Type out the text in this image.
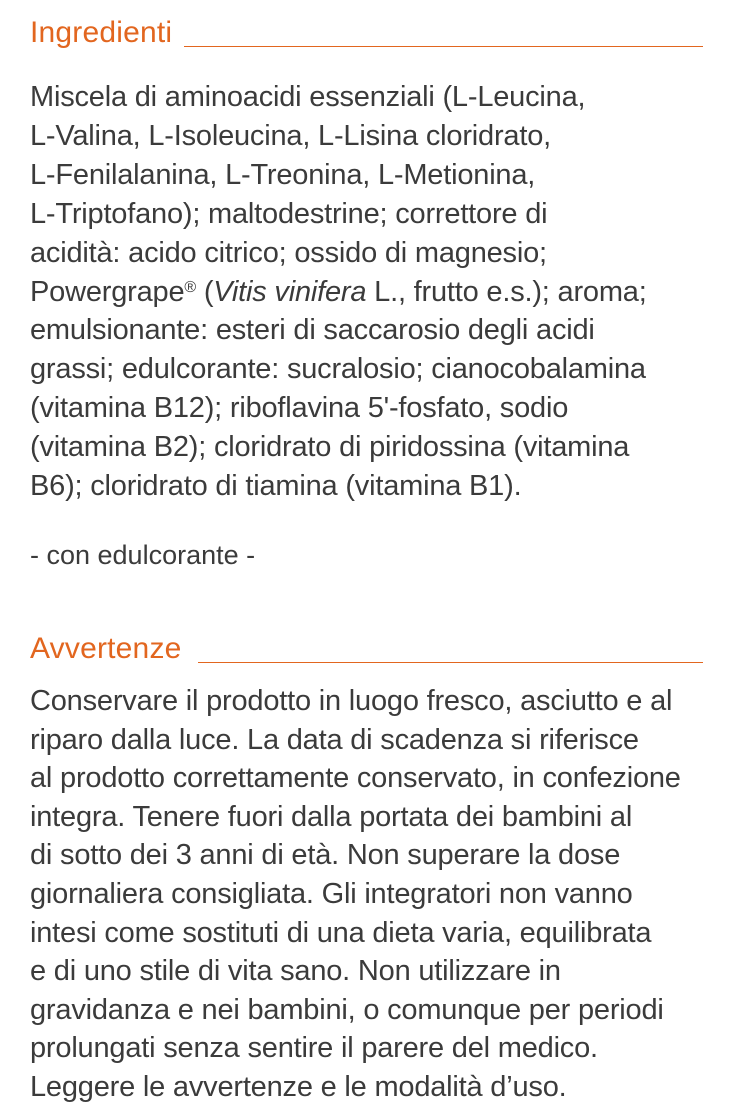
Ingredienti

Miscela di aminoacidi essenziali (L-Leucina,
L-Valina, L-Isoleucina, L-Lisina cloridrato,
L-Fenilalanina, L-Treonina, L-Metionina,
L-Triptofano); maltodestrine; correttore di
acidità: acido citrico; ossido di magnesio;
Powergrape® (Vitis vinifera L., frutto e.s.); aroma;
emulsionante: esteri di saccarosio degli acidi
grassi; edulcorante: sucralosio; cianocobalamina
(vitamina B12); riboflavina 5'-fosfato, sodio
(vitamina B2); cloridrato di piridossina (vitamina
B6); cloridrato di tiamina (vitamina B1).

- con edulcorante -

Avvertenze

Conservare il prodotto in luogo fresco, asciutto e al
riparo dalla luce. La data di scadenza si riferisce
al prodotto correttamente conservato, in confezione
integra. Tenere fuori dalla portata dei bambini al
di sotto dei 3 anni di età. Non superare la dose
giornaliera consigliata. Gli integratori non vanno
intesi come sostituti di una dieta varia, equilibrata
e di uno stile di vita sano. Non utilizzare in
gravidanza e nei bambini, o comunque per periodi
prolungati senza sentire il parere del medico.
Leggere le avvertenze e le modalità d’uso.
